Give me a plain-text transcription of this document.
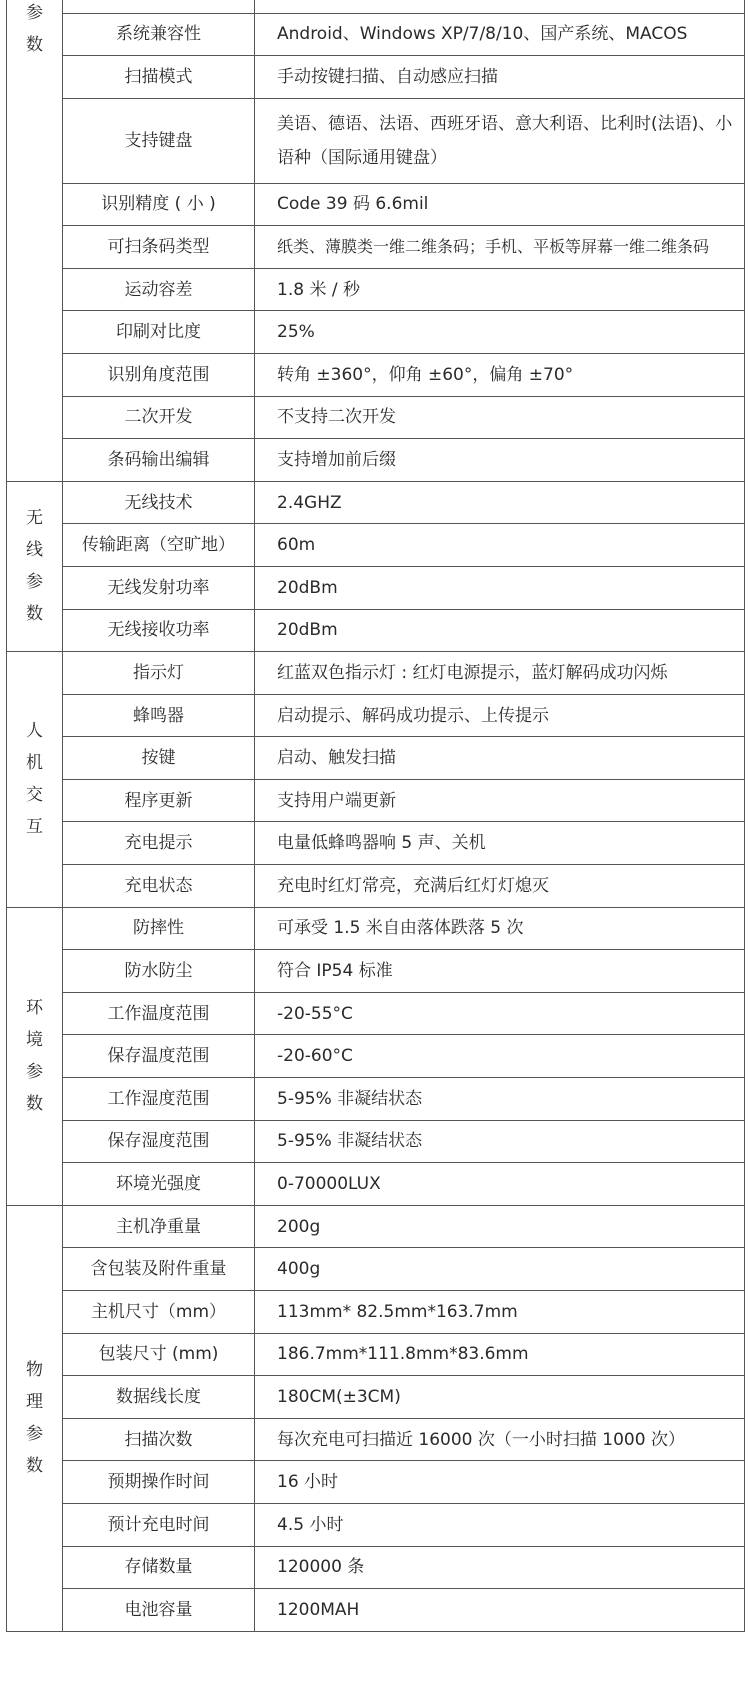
参
数		

	系统兼容性	Android、Windows XP/7/8/10、国产系统、MACOS
	扫描模式	手动按键扫描、自动感应扫描
	支持键盘	美语、德语、法语、西班牙语、意大利语、比利时(法语)、小语种（国际通用键盘）
	识别精度 ( 小 )	Code 39 码 6.6mil
	可扫条码类型	纸类、薄膜类一维二维条码；手机、平板等屏幕一维二维条码
	运动容差	1.8 米 / 秒
	印刷对比度	25%
	识别角度范围	转角 ±360°，仰角 ±60°，偏角 ±70°
	二次开发	不支持二次开发
	条码输出编辑	支持增加前后缀

无
线
参
数	无线技术	2.4GHZ
	传输距离（空旷地）	60m
	无线发射功率	20dBm
	无线接收功率	20dBm

人
机
交
互	指示灯	红蓝双色指示灯 : 红灯电源提示，蓝灯解码成功闪烁
	蜂鸣器	启动提示、解码成功提示、上传提示
	按键	启动、触发扫描
	程序更新	支持用户端更新
	充电提示	电量低蜂鸣器响 5 声、关机
	充电状态	充电时红灯常亮，充满后红灯灯熄灭

环
境
参
数	防摔性	可承受 1.5 米自由落体跌落 5 次
	防水防尘	符合 IP54 标准
	工作温度范围	-20-55°C
	保存温度范围	-20-60°C
	工作湿度范围	5-95% 非凝结状态
	保存湿度范围	5-95% 非凝结状态
	环境光强度	0-70000LUX

物
理
参
数	主机净重量	200g
	含包装及附件重量	400g
	主机尺寸（mm）	113mm* 82.5mm*163.7mm
	包装尺寸 (mm)	186.7mm*111.8mm*83.6mm
	数据线长度	180CM(±3CM)
	扫描次数	每次充电可扫描近 16000 次（一小时扫描 1000 次）
	预期操作时间	16 小时
	预计充电时间	4.5 小时
	存储数量	120000 条
	电池容量	1200MAH
